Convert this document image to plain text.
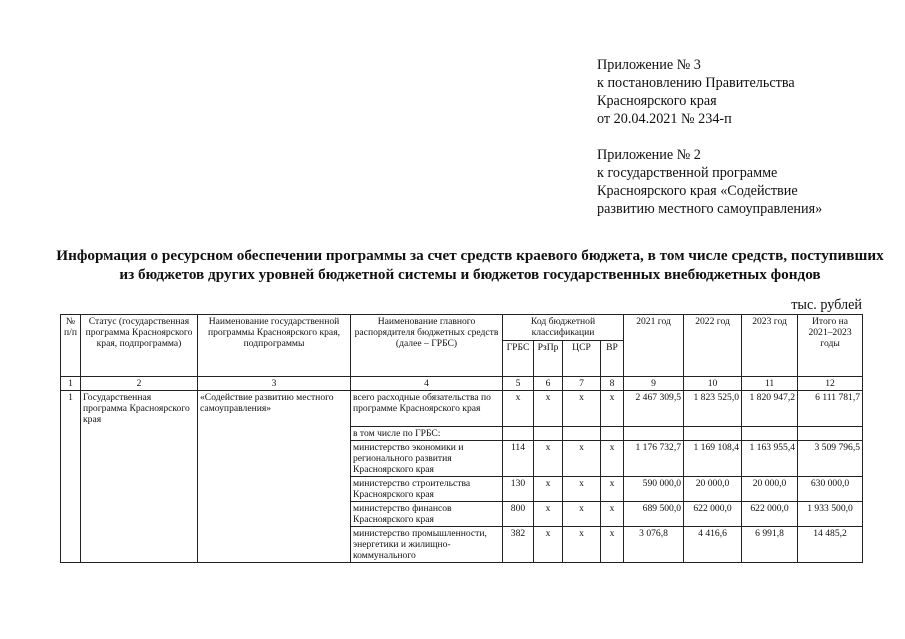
Приложение № 3
к постановлению Правительства
Красноярского края
от 20.04.2021 № 234-п
Приложение № 2
к государственной программе
Красноярского края «Содействие
развитию местного самоуправления»
Информация о ресурсном обеспечении программы за счет средств краевого бюджета, в том числе средств, поступивших
из бюджетов других уровней бюджетной системы и бюджетов государственных внебюджетных фондов
тыс. рублей
№ п/п	Статус (государственная программа Красноярского края, подпрограмма)	Наименование государственной программы Красноярского края, подпрограммы	Наименование главного распорядителя бюджетных средств (далее – ГРБС)	Код бюджетной классификации				2021 год	2022 год	2023 год	Итого на 2021–2023 годы
				ГРБС	РзПр	ЦСР	ВР				
1	2	3	4	5	6	7	8	9	10	11	12
1	Государственная программа Красноярского края	«Содействие развитию местного самоуправления»	всего расходные обязательства по программе Красноярского края	х	х	х	х	2 467 309,5	1 823 525,0	1 820 947,2	6 111 781,7
			в том числе по ГРБС:								
			министерство экономики и регионального развития Красноярского края	114	х	х	х	1 176 732,7	1 169 108,4	1 163 955,4	3 509 796,5
			министерство строительства Красноярского края	130	х	х	х	590 000,0	20 000,0	20 000,0	630 000,0
			министерство финансов Красноярского края	800	х	х	х	689 500,0	622 000,0	622 000,0	1 933 500,0
			министерство промышленности, энергетики и жилищно-коммунального	382	х	х	х	3 076,8	4 416,6	6 991,8	14 485,2
